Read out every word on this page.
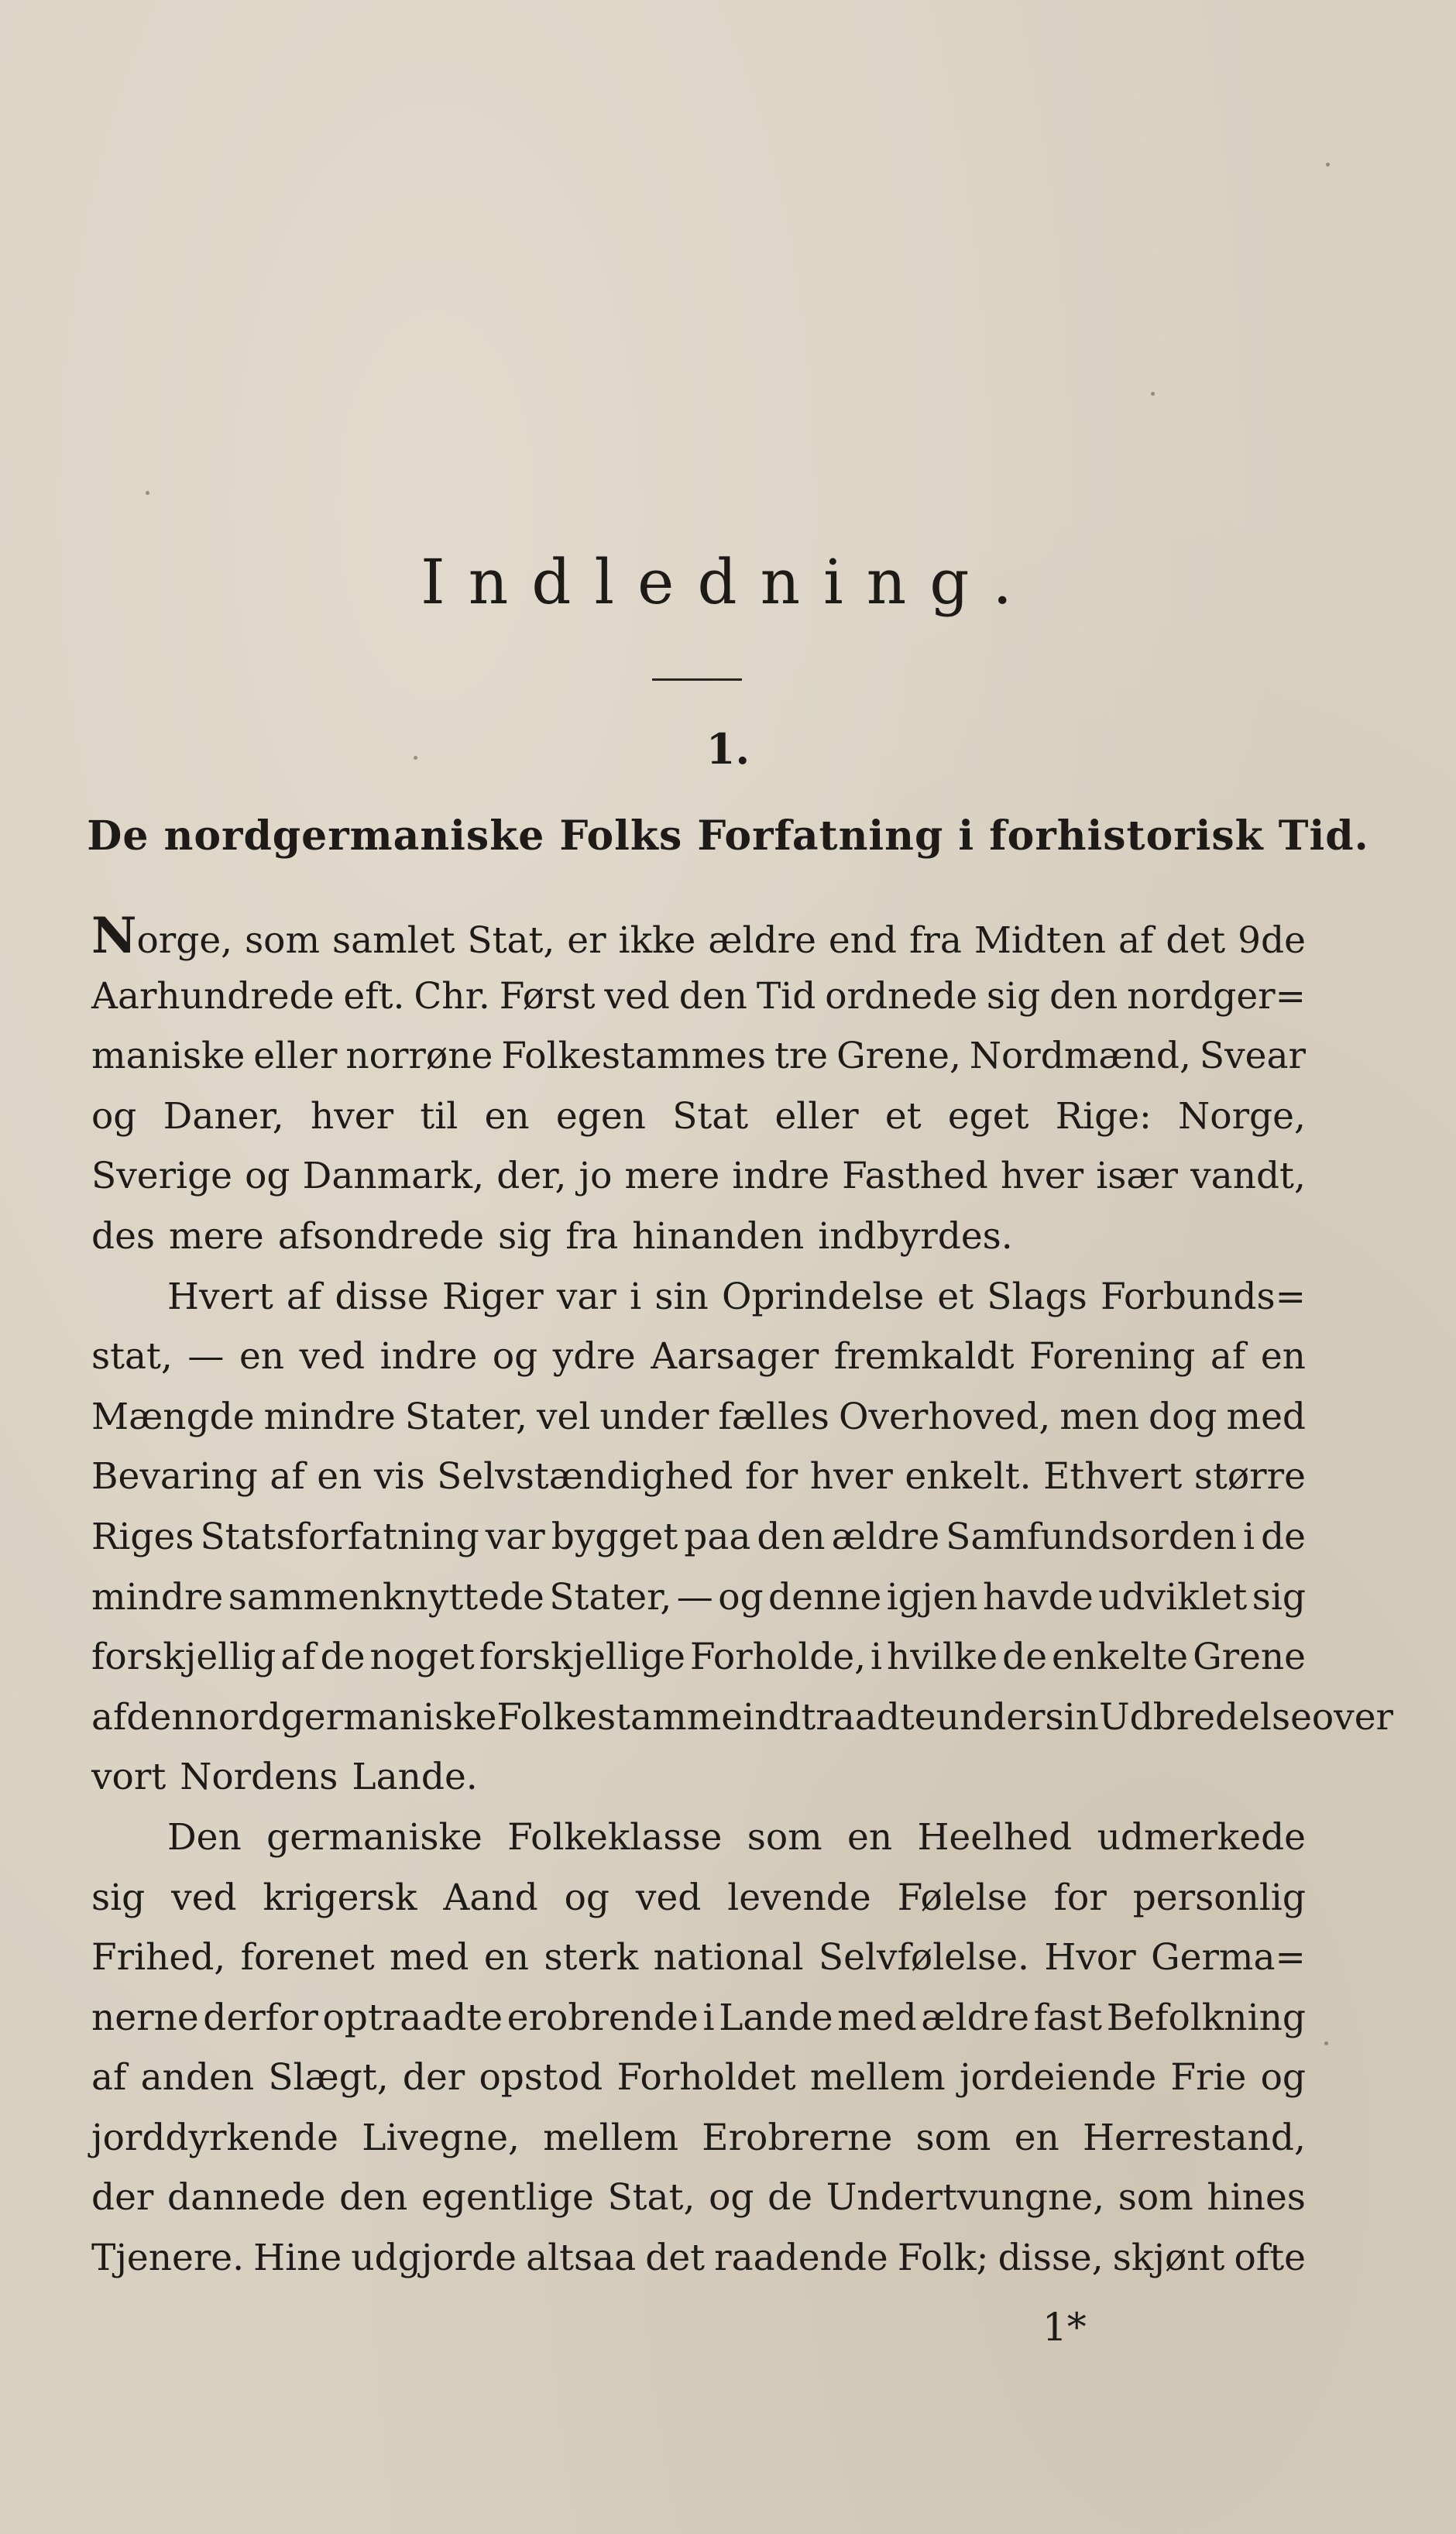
Indledning.
1.
De nordgermaniske Folks Forfatning i forhistorisk Tid.
Norge, som samlet Stat, er ikke ældre end fra Midten af det 9de
Aarhundrede eft. Chr. Først ved den Tid ordnede sig den nordger=
maniske eller norrøne Folkestammes tre Grene, Nordmænd, Svear
og Daner, hver til en egen Stat eller et eget Rige: Norge,
Sverige og Danmark, der, jo mere indre Fasthed hver især vandt,
des mere afsondrede sig fra hinanden indbyrdes.
Hvert af disse Riger var i sin Oprindelse et Slags Forbunds=
stat, — en ved indre og ydre Aarsager fremkaldt Forening af en
Mængde mindre Stater, vel under fælles Overhoved, men dog med
Bevaring af en vis Selvstændighed for hver enkelt. Ethvert større
Riges Statsforfatning var bygget paa den ældre Samfundsorden i de
mindre sammenknyttede Stater, — og denne igjen havde udviklet sig
forskjellig af de noget forskjellige Forholde, i hvilke de enkelte Grene
af den nordgermaniske Folkestamme indtraadte under sin Udbredelse over
vort Nordens Lande.
Den germaniske Folkeklasse som en Heelhed udmerkede
sig ved krigersk Aand og ved levende Følelse for personlig
Frihed, forenet med en sterk national Selvfølelse. Hvor Germa=
nerne derfor optraadte erobrende i Lande med ældre fast Befolkning
af anden Slægt, der opstod Forholdet mellem jordeiende Frie og
jorddyrkende Livegne, mellem Erobrerne som en Herrestand,
der dannede den egentlige Stat, og de Undertvungne, som hines
Tjenere. Hine udgjorde altsaa det raadende Folk; disse, skjønt ofte
1*
